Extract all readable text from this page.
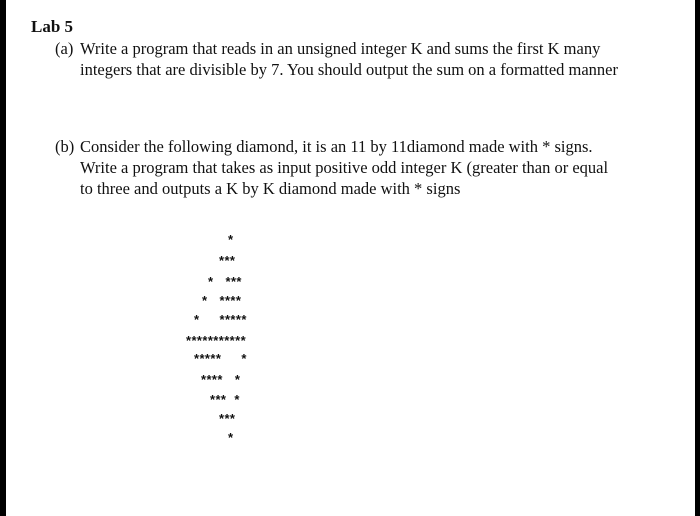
Lab 5
(a) Write a program that reads in an unsigned integer K and sums the first K many
integers that are divisible by 7. You should output the sum on a formatted manner
(b) Consider the following diamond, it is an 11 by 11diamond made with * signs.
Write a program that takes as input positive odd integer K (greater than or equal
to three and outputs a K by K diamond made with * signs
*
***
*   ***
*   ****
*     *****
***********
*****     *
****   *
***  *
***
*
